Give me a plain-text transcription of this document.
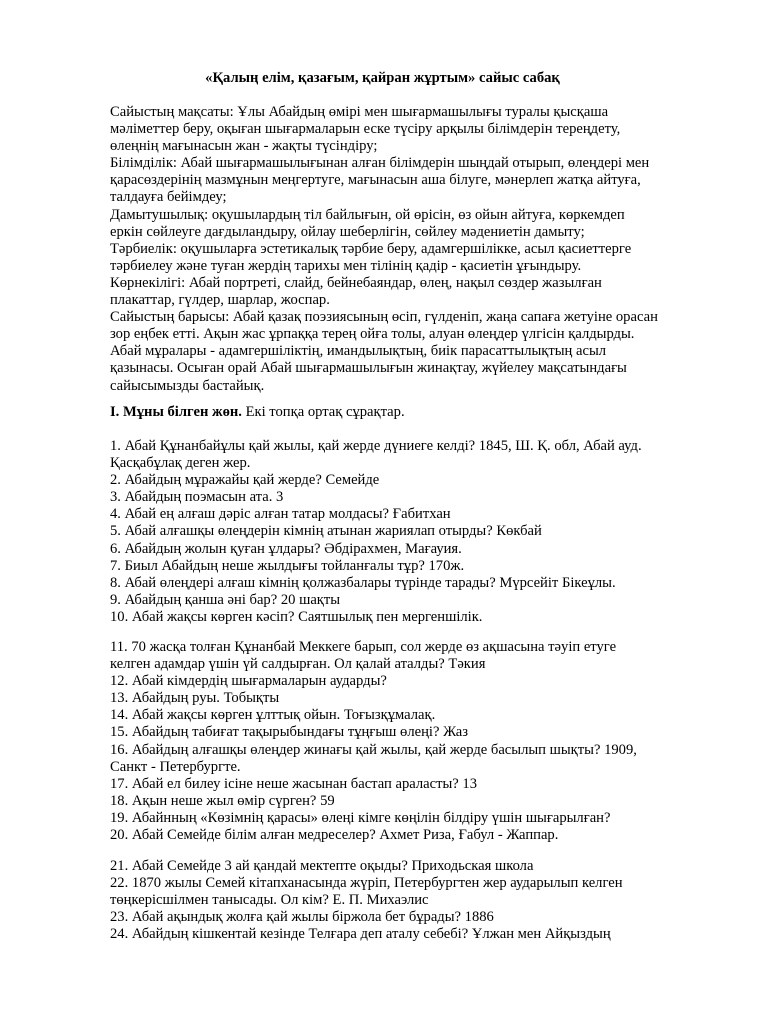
«Қалың елім, қазағым, қайран жұртым» сайыс сабақ

Сайыстың мақсаты: Ұлы Абайдың өмірі мен шығармашылығы туралы қысқаша мәліметтер беру, оқыған шығармаларын еске түсіру арқылы білімдерін тереңдету, өлеңнің мағынасын жан - жақты түсіндіру;

Білімділік: Абай шығармашылығынан алған білімдерін шыңдай отырып, өлеңдері мен қарасөздерінің мазмұнын меңгертуге, мағынасын аша білуге, мәнерлеп жатқа айтуға, талдауға бейімдеу;

Дамытушылық: оқушылардың тіл байлығын, ой өрісін, өз ойын айтуға, көркемдеп еркін сөйлеуге дағдыландыру, ойлау шеберлігін, сөйлеу мәдениетін дамыту;

Тәрбиелік: оқушыларға эстетикалық тәрбие беру, адамгершілікке, асыл қасиеттерге тәрбиелеу және туған жердің тарихы мен тілінің қадір - қасиетін ұғындыру.

Көрнекілігі: Абай портреті, слайд, бейнебаяндар, өлең, нақыл сөздер жазылған плакаттар, гүлдер, шарлар, жоспар.

Сайыстың барысы: Абай қазақ поэзиясының өсіп, гүлденіп, жаңа сапаға жетуіне орасан зор еңбек етті. Ақын жас ұрпаққа терең ойға толы, алуан өлеңдер үлгісін қалдырды. Абай мұралары - адамгершіліктің, имандылықтың, биік парасаттылықтың асыл қазынасы. Осыған орай Абай шығармашылығын жинақтау, жүйелеу мақсатындағы сайысымызды бастайық.

I. Мұны білген жөн. Екі топқа ортақ сұрақтар.

1. Абай Құнанбайұлы қай жылы, қай жерде дүниеге келді? 1845, Ш. Қ. обл, Абай ауд. Қасқабұлақ деген жер.
2. Абайдың мұражайы қай жерде? Семейде
3. Абайдың поэмасын ата. 3
4. Абай ең алғаш дәріс алған татар молдасы? Ғабитхан
5. Абай алғашқы өлеңдерін кімнің атынан жариялап отырды? Көкбай
6. Абайдың жолын қуған ұлдары? Әбдірахмен, Мағауия.
7. Биыл Абайдың неше жылдығы тойланғалы тұр? 170ж.
8. Абай өлеңдері алғаш кімнің қолжазбалары түрінде тарады? Мүрсейіт Бікеұлы.
9. Абайдың қанша әні бар? 20 шақты
10. Абай жақсы көрген кәсіп? Саятшылық пен мергеншілік.
11. 70 жасқа толған Құнанбай Меккеге барып, сол жерде өз ақшасына тәуіп етуге келген адамдар үшін үй салдырған. Ол қалай аталды? Тәкия
12. Абай кімдердің шығармаларын аударды?
13. Абайдың руы. Тобықты
14. Абай жақсы көрген ұлттық ойын. Тоғызқұмалақ.
15. Абайдың табиғат тақырыбындағы тұңғыш өлеңі? Жаз
16. Абайдың алғашқы өлеңдер жинағы қай жылы, қай жерде басылып шықты? 1909, Санкт - Петербургте.
17. Абай ел билеу ісіне неше жасынан бастап араласты? 13
18. Ақын неше жыл өмір сүрген? 59
19. Абайнның «Көзімнің қарасы» өлеңі кімге көңілін білдіру үшін шығарылған?
20. Абай Семейде білім алған медреселер? Ахмет Риза, Ғабул - Жаппар.
21. Абай Семейде 3 ай қандай мектепте оқыды? Приходьская школа
22. 1870 жылы Семей кітапханасында жүріп, Петербургтен жер аударылып келген төңкерісшілмен танысады. Ол кім? Е. П. Михаэлис
23. Абай ақындық жолға қай жылы біржола бет бұрады? 1886
24. Абайдың кішкентай кезінде Телғара деп аталу себебі? Ұлжан мен Айқыздың
